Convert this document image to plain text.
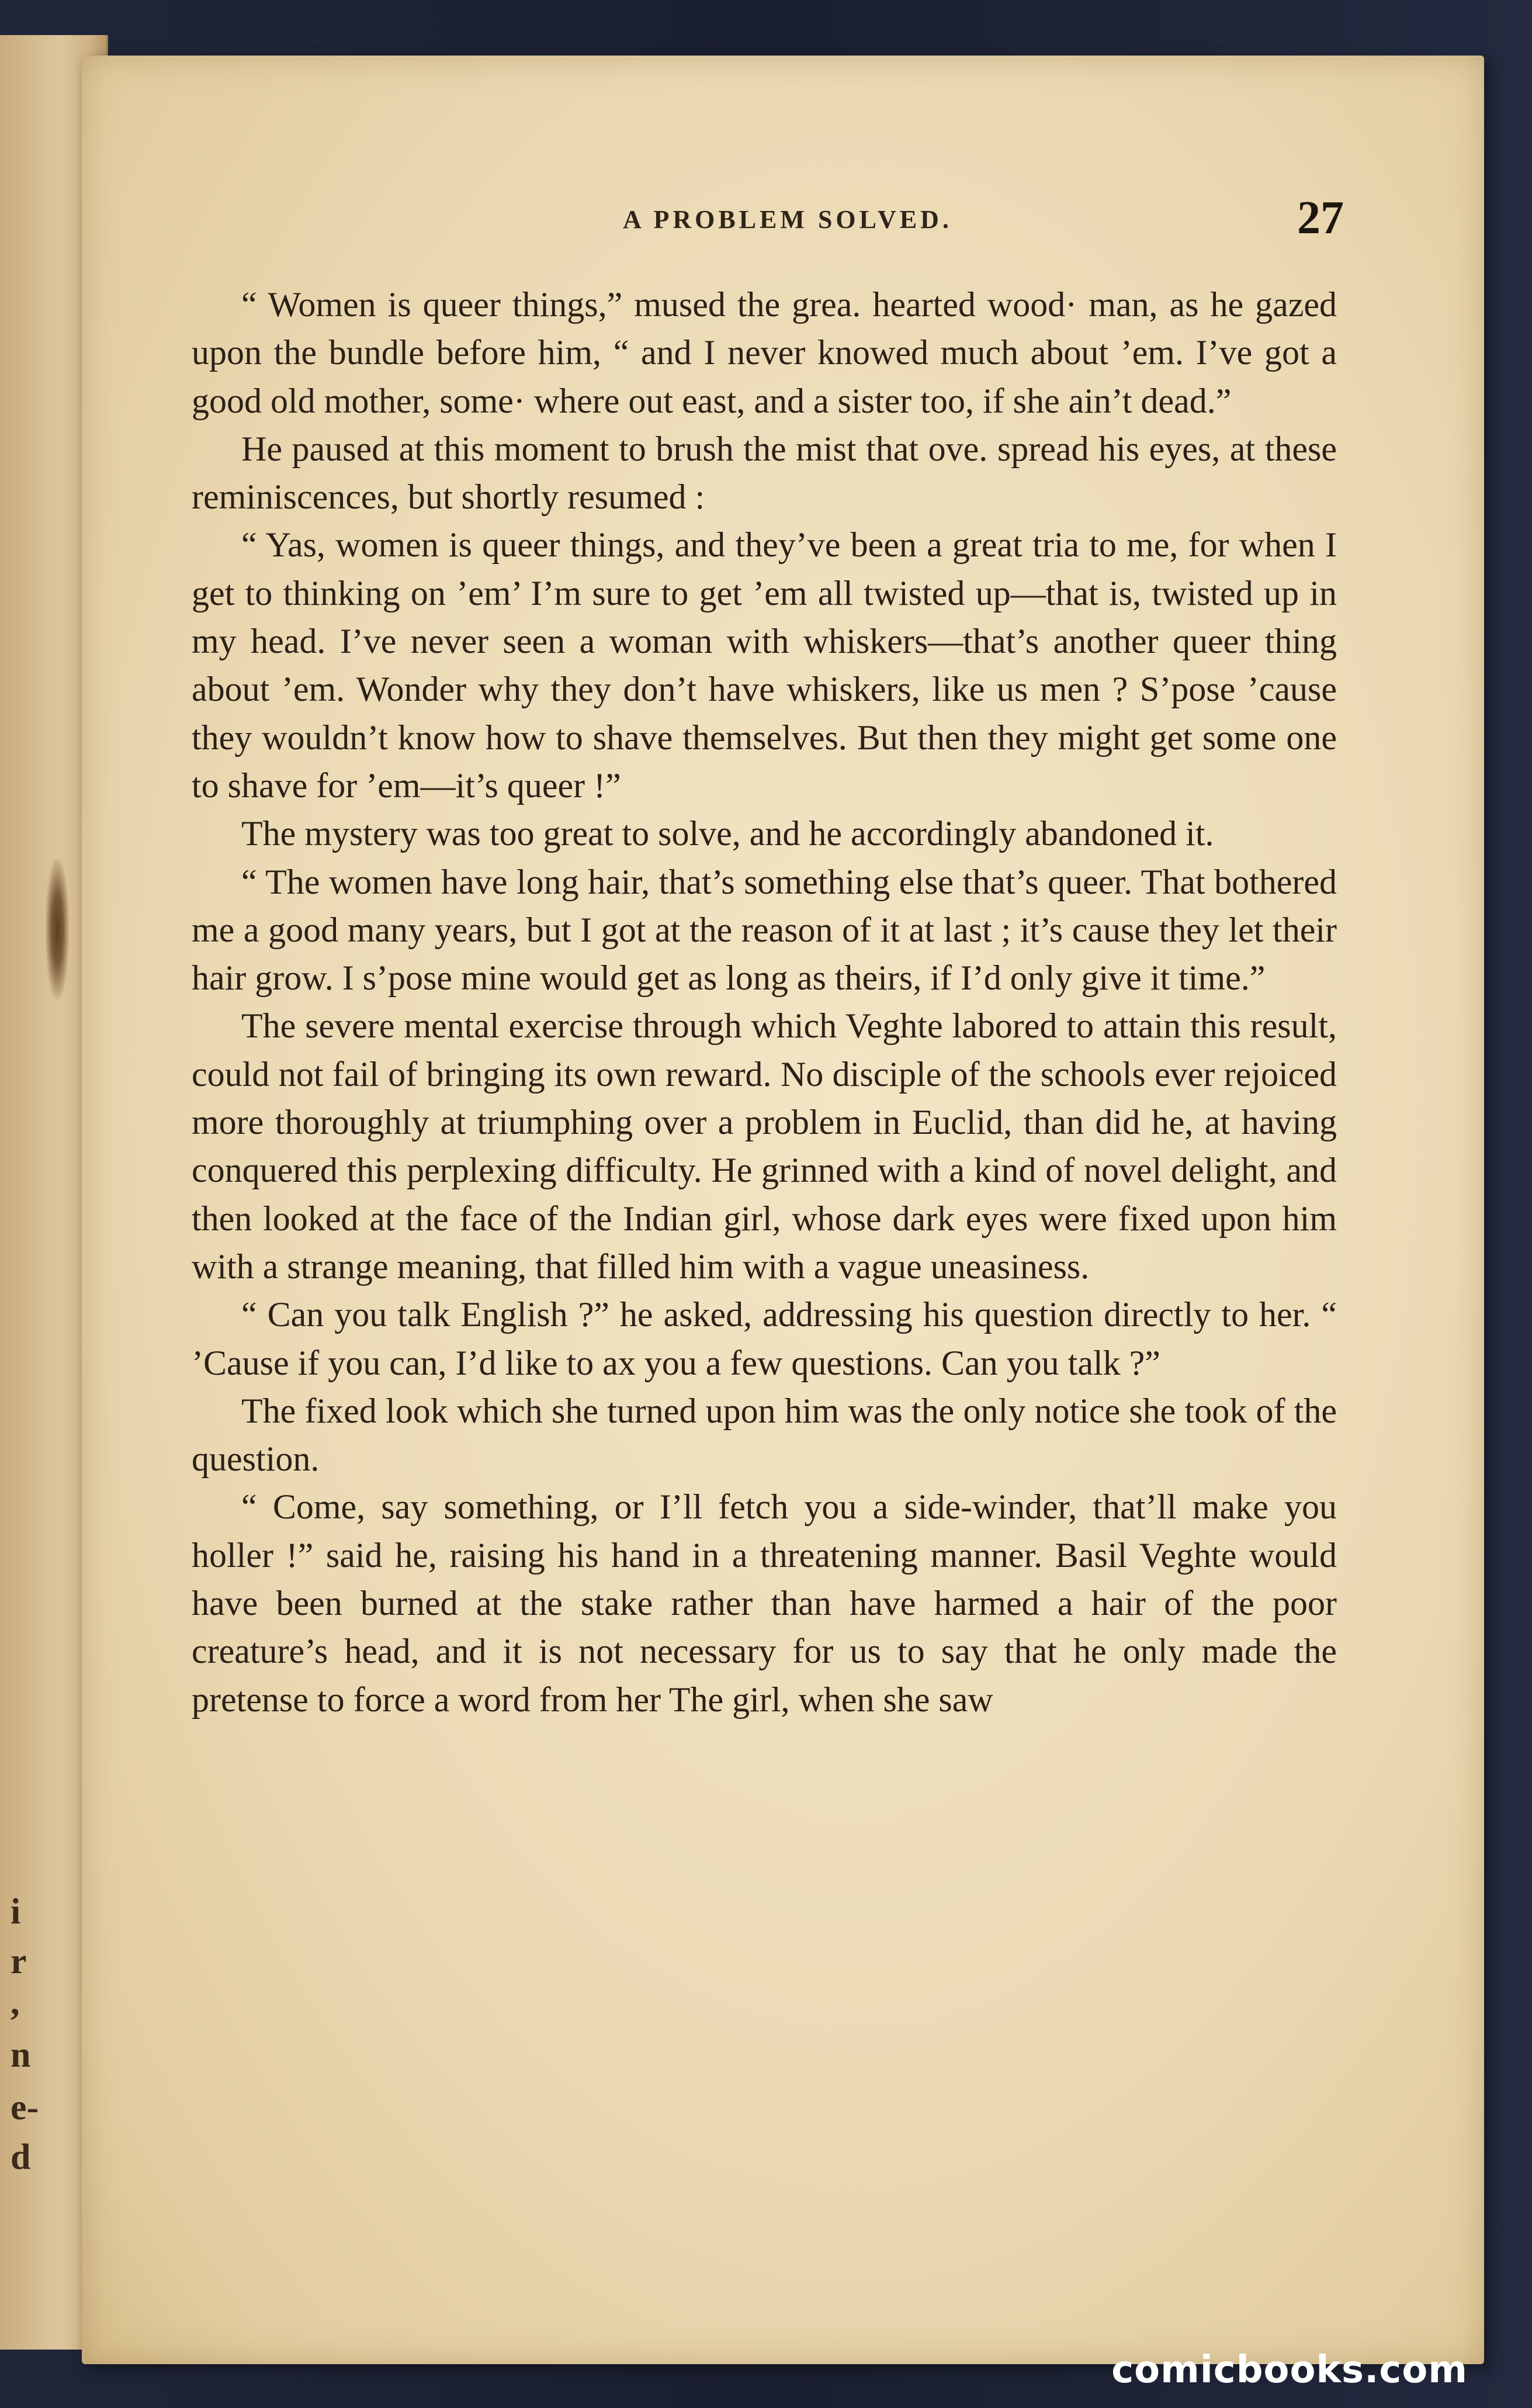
i
r
,
n
e-
d
A PROBLEM SOLVED.	27

“ Women is queer things,” mused the grea. hearted wood· man, as he gazed upon the bundle before him, “ and I never knowed much about ’em. I’ve got a good old mother, some· where out east, and a sister too, if she ain’t dead.”

He paused at this moment to brush the mist that ove. spread his eyes, at these reminiscences, but shortly resumed :

“ Yas, women is queer things, and they’ve been a great tria to me, for when I get to thinking on ’em’ I’m sure to get ’em all twisted up—that is, twisted up in my head. I’ve never seen a woman with whiskers—that’s another queer thing about ’em. Wonder why they don’t have whiskers, like us men ? S’pose ’cause they wouldn’t know how to shave themselves. But then they might get some one to shave for ’em—it’s queer !”

The mystery was too great to solve, and he accordingly abandoned it.

“ The women have long hair, that’s something else that’s queer. That bothered me a good many years, but I got at the reason of it at last ; it’s cause they let their hair grow. I s’pose mine would get as long as theirs, if I’d only give it time.”

The severe mental exercise through which Veghte labored to attain this result, could not fail of bringing its own reward. No disciple of the schools ever rejoiced more thoroughly at triumphing over a problem in Euclid, than did he, at having conquered this perplexing difficulty. He grinned with a kind of novel delight, and then looked at the face of the Indian girl, whose dark eyes were fixed upon him with a strange meaning, that filled him with a vague uneasiness.

“ Can you talk English ?” he asked, addressing his question directly to her. “ ’Cause if you can, I’d like to ax you a few questions. Can you talk ?”

The fixed look which she turned upon him was the only notice she took of the question.

“ Come, say something, or I’ll fetch you a side-winder, that’ll make you holler !” said he, raising his hand in a threatening manner. Basil Veghte would have been burned at the stake rather than have harmed a hair of the poor creature’s head, and it is not necessary for us to say that he only made the pretense to force a word from her The girl, when she saw

comicbooks.com
